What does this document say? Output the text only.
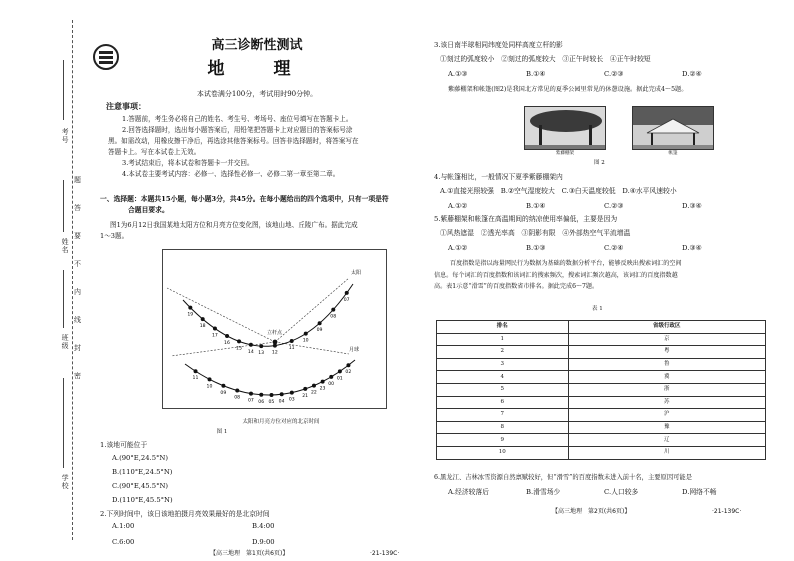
考号
姓名
班级
学校
题
答
要
不
内
线
封
密
高三诊断性测试
地　理
本试卷满分100分，考试用时90分钟。
注意事项：
1.答题前，考生务必将自己的姓名、考生号、考场号、座位号填写在答题卡上。
2.回答选择题时，选出每小题答案后，用铅笔把答题卡上对应题目的答案标号涂
黑。如需改动，用橡皮擦干净后，再选涂其他答案标号。回答非选择题时，将答案写在
答题卡上。写在本试卷上无效。
3.考试结束后，将本试卷和答题卡一并交回。
4.本试卷主要考试内容：必修一、选择性必修一、必修二第一章至第二章。
一、选择题：本题共15小题，每小题3分，共45分。在每小题给出的四个选项中，只有一项是符
合题目要求。
图1为6月12日我国某地太阳方位和月亮方位变化图，该地山地、丘陵广布。据此完成
1～3题。
19
18
17
16
15
14 13 12
11
10
09
08
07
11
10
09
08
07 06 05 04 03
21
22
23
00
01
02
立杆点
太阳
月球
太阳和月亮方位对应的北京时间
图 1
1.该地可能位于
A.(90°E,24.5°N)
B.(110°E,24.5°N)
C.(90°E,45.5°N)
D.(110°E,45.5°N)
2.下列时间中，该日该地拍摄月亮效果最好的是北京时间
A.1:00	B.4:00
C.6:00	D.9:00
【高三地理　第1页(共6页)】	·21-139C·
3.该日南半球相同纬度处同样高度立杆的影
①刻过的弧度较小　②刻过的弧度较大　③正午时较长　④正午时较短
A.①③	B.①④	C.②③	D.②④
紫藤棚架和帐篷(图2)是我国北方常见的夏季公园里常见的休憩设施。据此完成4～5题。
紫藤棚架	帐篷
图 2
4.与帐篷相比，一般情况下夏季紫藤棚架内
A.①直接光照较强　 B.②空气湿度较大　 C.③白天温度较低　 D.④水平风速较小
A.①②	B.①④	C.②③	D.③④
5.紫藤棚架和帐篷在高温期间的纳凉使用率偏低，主要是因为
①风热遮湿　②透光率高　③阴影有限　④外部热空气平流增温
A.①②	B.①③	C.②④	D.③④
百度指数是指以海量网民行为数据为基础的数据分析平台，能够反映出搜索词汇的空间
信息。每个词汇的百度指数和该词汇的搜索频次，搜索词汇频次越高，该词汇的百度指数越
高。表1示意“滑雪”的百度指数省市排名。据此完成6～7题。
表 1
排名	省级行政区
1	京
2	粤
3	鲁
4	冀
5	浙
6	苏
7	沪
8	豫
9	辽
10	川
6.黑龙江、吉林冰雪资源自然禀赋较好，但“滑雪”的百度指数未进入前十名，主要原因可能是
A.经济较落后	B.滑雪场少	C.人口较多	D.网络不畅
【高三地理　第2页(共6页)】	·21-139C·
